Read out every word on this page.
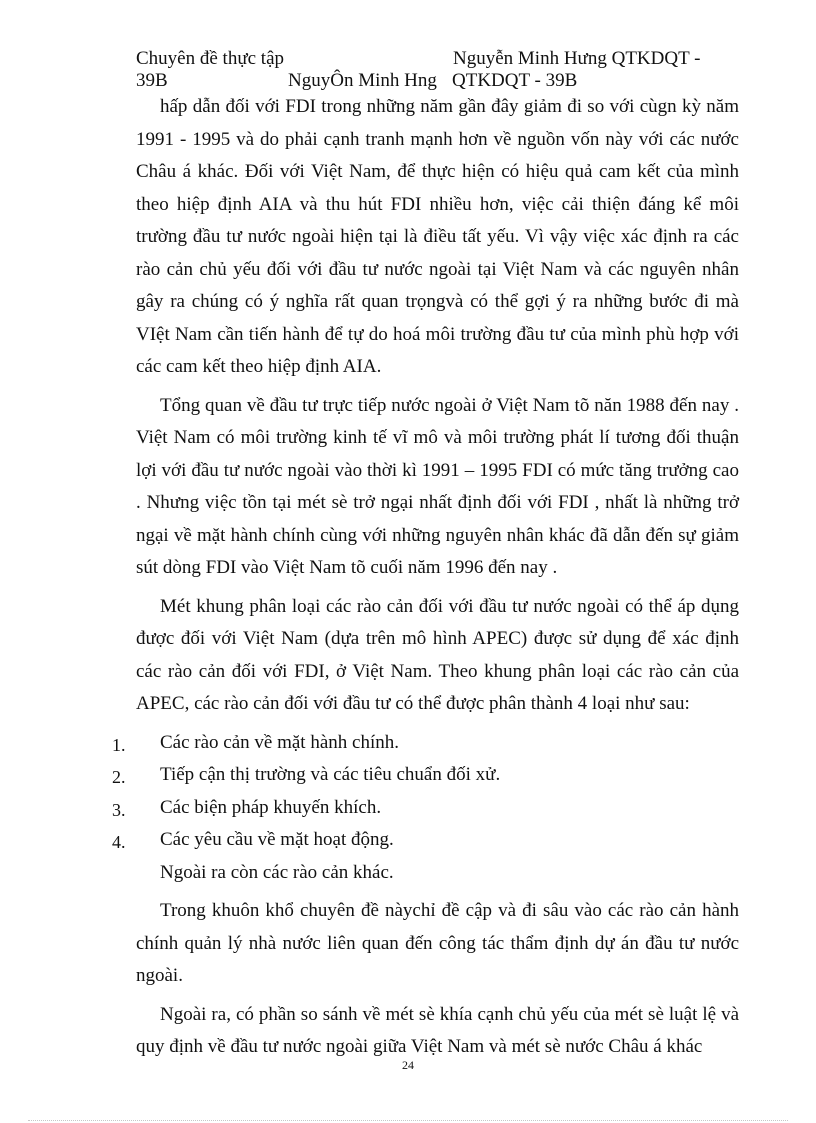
Chuyên đề thực tập	Nguyễn Minh Hưng QTKDQT -
39B	NguyÔn Minh Hng QTKDQT - 39B

hấp dẫn đối với FDI trong những năm gần đây giảm đi so với cùgn kỳ năm 1991 - 1995 và do phải cạnh tranh mạnh hơn về nguồn vốn này với các nước Châu á khác. Đối với Việt Nam, để thực hiện có hiệu quả cam kết của mình theo hiệp định AIA và thu hút FDI nhiều hơn, việc cải thiện đáng kể môi trường đầu tư nước ngoài hiện tại là điều tất yếu. Vì vậy việc xác định ra các rào cản chủ yếu đối với đầu tư nước ngoài tại Việt Nam và các nguyên nhân gây ra chúng có ý nghĩa rất quan trọngvà có thể gợi ý ra những bước đi mà VIệt Nam cần tiến hành để tự do hoá môi trường đầu tư của mình phù hợp với các cam kết theo hiệp định AIA.

Tổng quan về đầu tư trực tiếp nước ngoài ở Việt Nam tõ năn 1988 đến nay . Việt Nam có môi trường kinh tế vĩ mô và môi trường phát lí tương đối thuận lợi với đầu tư nước ngoài vào thời kì 1991 – 1995 FDI có mức tăng trưởng cao . Nhưng việc tồn tại mét sè trở ngại nhất định đối với FDI , nhất là những trở ngại về mặt hành chính cùng với những nguyên nhân khác đã dẫn đến sự giảm sút dòng FDI vào Việt Nam tõ cuối năm 1996 đến nay .

Mét khung phân loại các rào cản đối với đầu tư nước ngoài có thể áp dụng được đối với Việt Nam (dựa trên mô hình APEC) được sử dụng để xác định các rào cản đối với FDI, ở Việt Nam. Theo khung phân loại các rào cản của APEC, các rào cản đối với đầu tư có thể được phân thành 4 loại như sau:

1. Các rào cản về mặt hành chính.
2. Tiếp cận thị trường và các tiêu chuẩn đối xử.
3. Các biện pháp khuyến khích.
4. Các yêu cầu về mặt hoạt động.

Ngoài ra còn các rào cản khác.

Trong khuôn khổ chuyên đề nàychỉ đề cập và đi sâu vào các rào cản hành chính quản lý nhà nước liên quan đến công tác thẩm định dự án đầu tư nước ngoài.

Ngoài ra, có phần so sánh về mét sè khía cạnh chủ yếu của mét sè luật lệ và quy định về đầu tư nước ngoài giữa Việt Nam và mét sè nước Châu á khác

24
